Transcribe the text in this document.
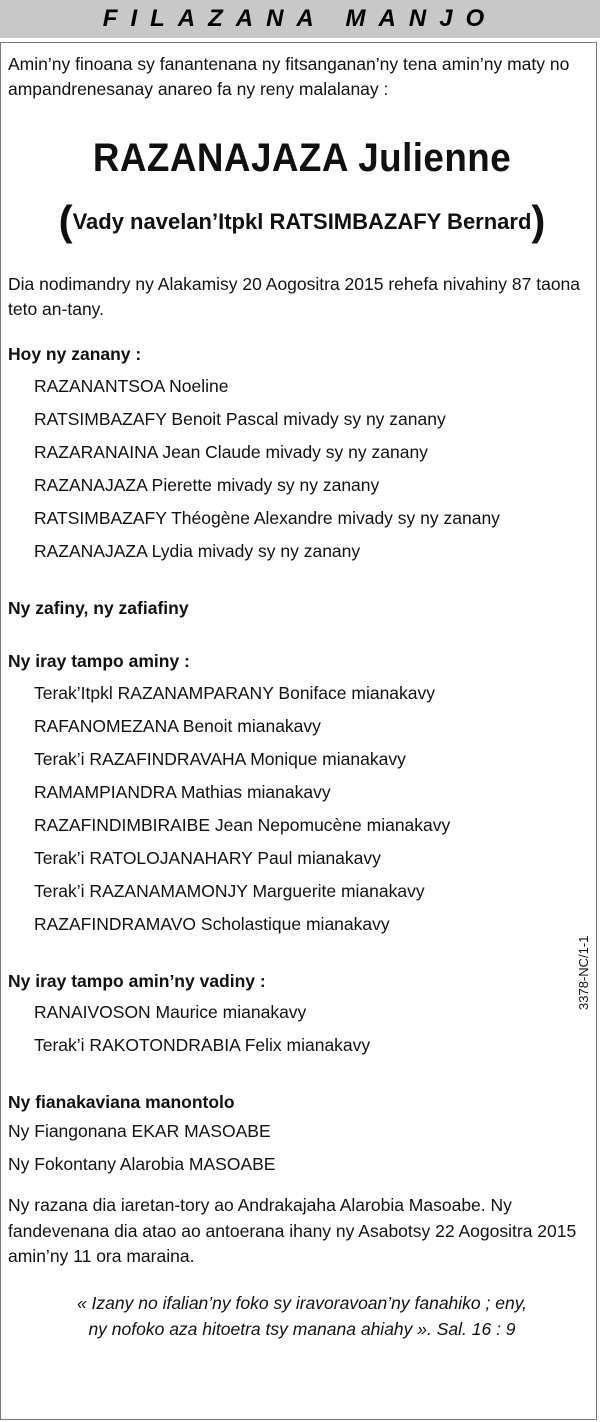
FILAZANA MANJO

Amin’ny finoana sy fanantenana ny fitsanganan’ny tena amin’ny maty no ampandrenesanay anareo fa ny reny malalanay :

RAZANAJAZA Julienne
(Vady navelan’Itpkl RATSIMBAZAFY Bernard)

Dia nodimandry ny Alakamisy 20 Aogositra 2015 rehefa nivahiny 87 taona teto an-tany.

Hoy ny zanany :

RAZANANTSOA Noeline
RATSIMBAZAFY Benoit Pascal mivady sy ny zanany
RAZARANAINA Jean Claude mivady sy ny zanany
RAZANAJAZA Pierette mivady sy ny zanany
RATSIMBAZAFY Théogène Alexandre mivady sy ny zanany
RAZANAJAZA Lydia mivady sy ny zanany

Ny zafiny, ny zafiafiny

Ny iray tampo aminy :

Terak’Itpkl RAZANAMPARANY Boniface mianakavy
RAFANOMEZANA Benoit mianakavy
Terak’i RAZAFINDRAVAHA Monique mianakavy
RAMAMPIANDRA Mathias mianakavy
RAZAFINDIMBIRAIBE Jean Nepomucène mianakavy
Terak’i RATOLOJANAHARY Paul mianakavy
Terak’i RAZANAMAMONJY Marguerite mianakavy
RAZAFINDRAMAVO Scholastique mianakavy

Ny iray tampo amin’ny vadiny :

RANAIVOSON Maurice mianakavy
Terak’i RAKOTONDRABIA Felix mianakavy

Ny fianakaviana manontolo

Ny Fiangonana EKAR MASOABE

Ny Fokontany Alarobia MASOABE

Ny razana dia iaretan-tory ao Andrakajaha Alarobia Masoabe. Ny fandevenana dia atao ao antoerana ihany ny Asabotsy 22 Aogositra 2015 amin’ny 11 ora maraina.

« Izany no ifalian’ny foko sy iravoravoan’ny fanahiko ; eny,
ny nofoko aza hitoetra tsy manana ahiahy ». Sal. 16 : 9
3378-NC/1-1
